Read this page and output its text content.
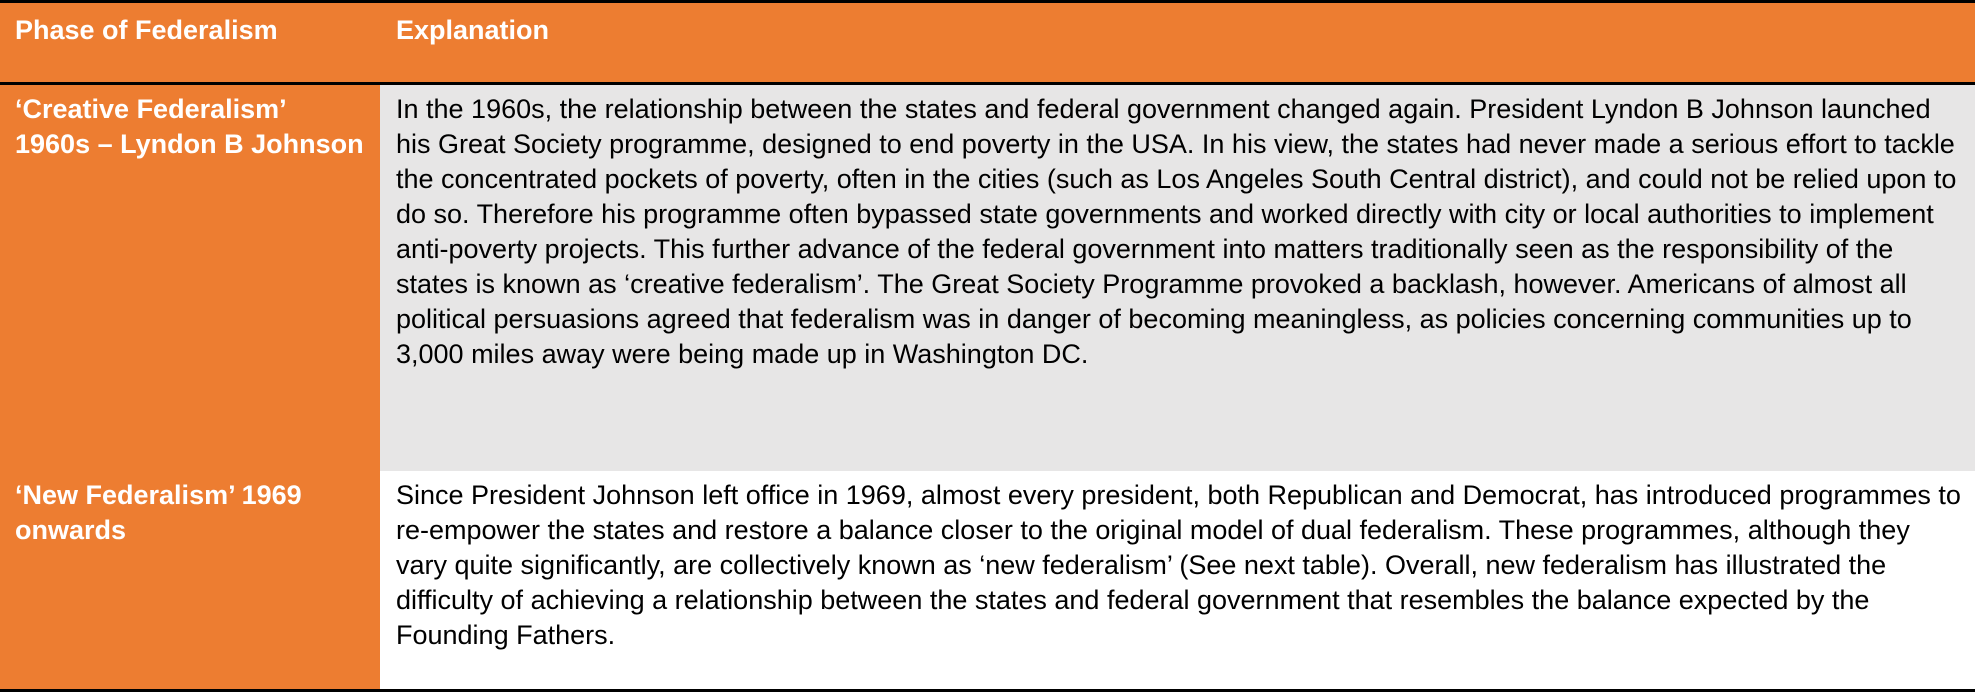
Phase of Federalism	Explanation
‘Creative Federalism’ 1960s – Lyndon B Johnson
In the 1960s, the relationship between the states and federal government changed again. President Lyndon B Johnson launched his Great Society programme, designed to end poverty in the USA. In his view, the states had never made a serious effort to tackle the concentrated pockets of poverty, often in the cities (such as Los Angeles South Central district), and could not be relied upon to do so. Therefore his programme often bypassed state governments and worked directly with city or local authorities to implement anti-poverty projects. This further advance of the federal government into matters traditionally seen as the responsibility of the states is known as ‘creative federalism’. The Great Society Programme provoked a backlash, however. Americans of almost all political persuasions agreed that federalism was in danger of becoming meaningless, as policies concerning communities up to 3,000 miles away were being made up in Washington DC.
‘New Federalism’ 1969 onwards
Since President Johnson left office in 1969, almost every president, both Republican and Democrat, has introduced programmes to re-empower the states and restore a balance closer to the original model of dual federalism. These programmes, although they vary quite significantly, are collectively known as ‘new federalism’ (See next table). Overall, new federalism has illustrated the difficulty of achieving a relationship between the states and federal government that resembles the balance expected by the Founding Fathers.
